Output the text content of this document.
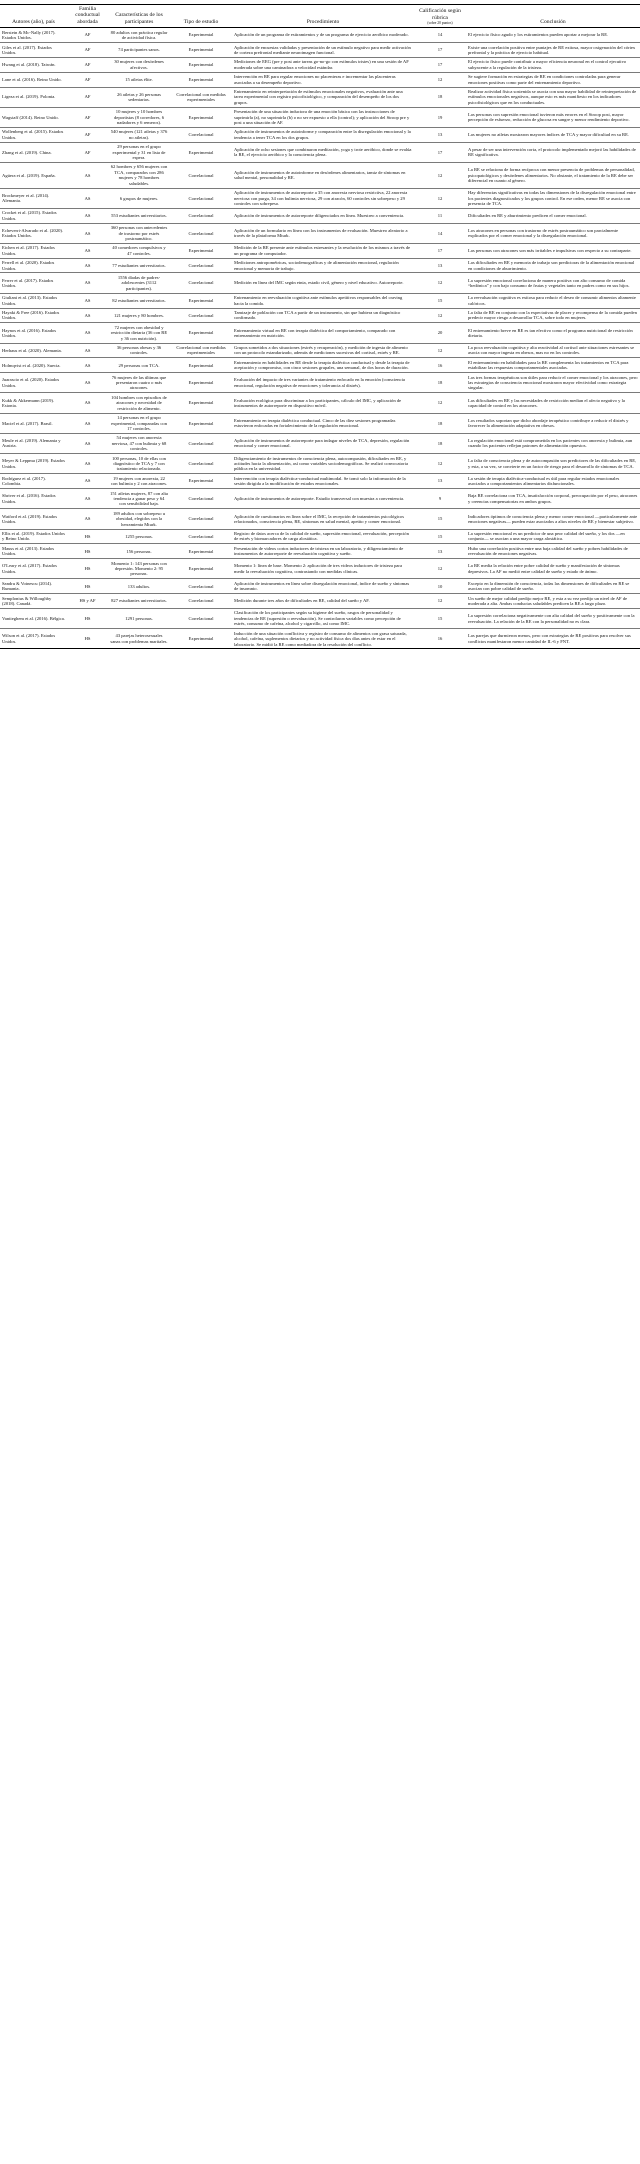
Autores (año), país	Familia conductual abordada	Características de los participantes	Tipo de estudio	Procedimiento	Calificación según rúbrica
(sobre 20 puntos)	Conclusión
Berstein & Mc-Nally (2017). Estados Unidos.	AF	80 adultos con práctica regular de actividad física.	Experimental	Aplicación de un programa de estiramientos y de un programa de ejercicio aeróbico moderado.	14	El ejercicio físico agudo y los estiramientos pueden aportar a mejorar la RE.
Giles et al. (2017). Estados Unidos.	AF	74 participantes sanos.	Experimental	Aplicación de encuestas validadas y presentación de un estímulo negativo para medir activación de corteza prefrontal mediante neuroimagen funcional.	17	Existe una correlación positiva entre puntajes de RE exitosa, mayor oxigenación del córtex prefrontal y la práctica de ejercicio habitual.
Hwang et al. (2018). Taiwán.	AF	30 mujeres con desórdenes afectivos.	Experimental	Mediciones de EEG (pre y post ante tareas go-no-go con estímulos tristes) en una sesión de AF moderada sobre una caminadora a velocidad estándar.	17	El ejercicio físico puede contribuir a mayor eficiencia neuronal en el control ejecutivo subyacente a la regulación de la tristeza.
Lane et al. (2016). Reino Unido.	AF	15 atletas élite.	Experimental	Intervención en RE para regular emociones no placenteras e incrementar las placenteras asociadas a su desempeño deportivo.	12	Se sugiere formación en estrategias de RE en condiciones controladas para generar emociones positivas como parte del entrenamiento deportivo.
Ligeza et al. (2019). Polonia.	AF	26 atletas y 26 personas sedentarias.	Correlacional con medidas experimentales	Entrenamiento en reinterpretación de estímulos emocionales negativos, evaluación ante una tarea experimental con registro psicofisiológico, y comparación del desempeño de los dos grupos.	18	Realizar actividad física sostenida se asocia con una mayor habilidad de reinterpretación de estímulos emocionales negativos, aunque esto es más manifiesto en los indicadores psicofisiológicos que en los conductuales.
Wagstaff (2014). Reino Unido.	AF	10 mujeres y 10 hombres deportistas (8 corredores, 6 nadadores y 6 remeros).	Experimental	Presentación de una situación inductora de una emoción básica con las instrucciones de suprimirla (a), no suprimirla (b) o no ser expuesto a ella (control); y aplicación del Stroop pre y post a una situación de AF.	19	Las personas con supresión emocional tuvieron más errores en el Stroop post, mayor percepción de esfuerzo, reducción de glucosa en sangre y menor rendimiento deportivo.
Wollenberg et al. (2015). Estados Unidos.	AF	540 mujeres (121 atletas y 376 no atletas).	Correlacional	Aplicación de instrumentos de autoinforme y comparación entre la disregulación emocional y la tendencia a tener TCA en los dos grupos.	13	Las mujeres no atletas mostraron mayores índices de TCA y mayor dificultad en su RE.
Zhang et al. (2019). China.	AF	29 personas en el grupo experimental y 31 en lista de espera.	Experimental	Aplicación de ocho sesiones que combinaron meditación, yoga y trote aeróbico, donde se evalúa la RE, el ejercicio aeróbico y la consciencia plena.	17	A pesar de ser una intervención corta, el protocolo implementado mejoró las habilidades de RE significativa.
Agüera et al. (2019). España.	AS	62 hombres y 656 mujeres con TCA, comparados con 286 mujeres y 78 hombres saludables.	Correlacional	Aplicación de instrumentos de autoinforme en desórdenes alimentarios, tamiz de síntomas en salud mental, personalidad y RE.	12	La RE se relaciona de forma recíproca con menor presencia de problemas de personalidad, psicopatológicos y desórdenes alimentarios. No obstante, el tratamiento de la RE debe ser diferencial en cuanto al género.
Brockmeyer et al. (2014). Alemania.	AS	6 grupos de mujeres.	Correlacional	Aplicación de instrumentos de autorreporte a 35 con anorexia nerviosa restrictiva, 22 anorexia nerviosa con purga, 34 con bulimia nerviosa, 29 con atracón, 60 controles sin sobrepeso y 29 controles con sobrepeso.	12	Hay diferencias significativas en todas las dimensiones de la disregulación emocional entre los pacientes diagnosticados y los grupos control. En ese orden, menor RE se asocia con presencia de TCA.
Crocket et al. (2015). Estados Unidos.	AS	553 estudiantes universitarios.	Correlacional	Aplicación de instrumentos de autorreporte diligenciados en línea. Muestreo a conveniencia.	11	Dificultades en RE y aburrimiento predicen el comer emocional.
Echeverri-Alvarado et al. (2020). Estados Unidos.	AS	360 personas con antecedentes de trastorno por estrés postraumático.	Correlacional	Aplicación de un formulario en línea con los instrumentos de evaluación. Muestreo aleatorio a través de la plataforma Mturk.	14	Los atracones en personas con trastorno de estrés postraumático son parcialmente explicados por el comer emocional y la disregulación emocional.
Eichen et al. (2017). Estados Unidos.	AS	40 comedores compulsivos y 47 controles.	Experimental	Medición de la RE presente ante estímulos estresantes y la resolución de los mismos a través de un programa de computador.	17	Las personas con atracones son más irritables e impulsivas con respecto a su contraparte.
Ferrell et al. (2020). Estados Unidos.	AS	77 estudiantes universitarios.	Correlacional	Mediciones antropométricas, sociodemográficas y de alimentación emocional, regulación emocional y memoria de trabajo.	13	Las dificultades en RE y memoria de trabajo son predictoras de la alimentación emocional en condiciones de aburrimiento.
Ferrer et al. (2017). Estados Unidos.	AS	1556 díadas de padres-adolescentes (3112 participantes).	Correlacional	Medición en línea del IMC según etnia, estado civil, género y nivel educativo. Autorreporte.	12	La supresión emocional correlaciona de manera positiva con alto consumo de comida “hedónica” y con bajo consumo de frutas y vegetales tanto en padres como en sus hijos.
Giuliani et al. (2013). Estados Unidos.	AS	82 estudiantes universitarios.	Experimental	Entrenamiento en reevaluación cognitiva ante estímulos apetitivos responsables del craving hacia la comida.	15	La reevaluación cognitiva es exitosa para reducir el deseo de consumir alimentos altamente calóricos.
Hayaki & Free (2016). Estados Unidos.	AS	121 mujeres y 80 hombres.	Correlacional	Tamizaje de población con TCA a partir de un instrumento, sin que hubiera un diagnóstico confirmado.	12	La falta de RE en conjunto con la expectativas de placer y recompensa de la comida pueden predecir mayor riesgo a desarrollar TCA, sobre todo en mujeres.
Haynos et al. (2016). Estados Unidos.	AS	72 mujeres con obesidad y restricción dietaria (36 con RE y 36 con nutrición).	Experimental	Entrenamiento virtual en RE con terapia dialéctica del comportamiento, comparado con entrenamiento en nutrición.	20	El entrenamiento breve en RE es tan efectivo como el programa nutricional de restricción dietaria.
Herhaus et al. (2020). Alemania.	AS	36 personas obesas y 36 controles.	Correlacional con medidas experimentales	Grupos sometidos a dos situaciones (estrés y recuperación), y medición de ingesta de alimento con un protocolo estandarizado, además de mediciones sucesivas del cortisol, estrés y RE.	12	La poca reevaluación cognitiva y alta reactividad al cortisol ante situaciones estresantes se asocia con mayor ingesta en obesos, mas no en los controles.
Holmqvist et al. (2020). Suecia.	AS	29 personas con TCA.	Experimental	Entrenamiento en habilidades en RE desde la terapia dialéctica conductual y desde la terapia de aceptación y compromiso, con cinco sesiones grupales, una semanal, de dos horas de duración.	16	El entrenamiento en habilidades para la RE complementa los tratamientos en TCA para estabilizar las respuestas comportamentales asociadas.
Juarascio et al. (2020). Estados Unidos.	AS	76 mujeres de las últimas que presentaron cuatro o más atracones.	Experimental	Evaluación del impacto de tres variantes de tratamiento enfocado en la emoción (consciencia emocional, regulación negativa de emociones y tolerancia al distrés).	18	Las tres formas terapéuticas son útiles para reducir el comer emocional y los atracones, pero las estrategias de consciencia emocional mostraron mayor efectividad como estrategia singular.
Kukk & Akkermann (2019). Estonia.	AS	104 hombres con episodios de atracones y necesidad de restricción de alimento.	Experimental	Evaluación ecológica para discriminar a los participantes, cálculo del IMC, y aplicación de instrumentos de autorreporte en dispositivo móvil.	12	Las dificultades en RE y las necesidades de restricción median el afecto negativo y la capacidad de control en los atracones.
Maciel et al. (2017). Brasil.	AS	14 personas en el grupo experimental, comparadas con 17 controles.	Experimental	Entrenamiento en terapia dialéctica conductual. Cinco de las diez sesiones programadas estuvieron enfocadas en fortalecimiento de la regulación emocional.	18	Los resultados soportan que dicho abordaje terapéutico contribuye a reducir el distrés y favorecer la alimentación adaptativa en obesos.
Meule et al. (2019). Alemania y Austria.	AS	54 mujeres con anorexia nerviosa, 47 con bulimia y 68 controles.	Correlacional	Aplicación de instrumentos de autorreporte para indagar niveles de TCA, depresión, regulación emocional y comer emocional.	18	La regulación emocional está comprometida en los pacientes con anorexia y bulimia, aun cuando los pacientes reflejan patrones de alimentación opuestos.
Meyer & Leppma (2019). Estados Unidos.	AS	100 personas, 10 de ellas con diagnóstico de TCA y 7 con tratamiento relacionado.	Correlacional	Diligenciamiento de instrumentos de consciencia plena, autocompasión, dificultades en RE, y actitudes hacia la alimentación, así como variables sociodemográficas. Se realizó convocatoria pública en la universidad.	12	La falta de consciencia plena y de autocompasión son predictores de las dificultades en RE, y esta, a su vez, se convierte en un factor de riesgo para el desarrollo de síntomas de TCA.
Rodríguez et al. (2017). Colombia.	AS	19 mujeres con anorexia, 22 con bulimia y 2 con atracones.	Experimental	Intervención con terapia dialéctica-conductual multimodal. Se tomó solo la información de la sesión dirigida a la modificación de estados emocionales.	13	La sesión de terapia dialéctica-conductual es útil para regular estados emocionales asociados a comportamientos alimentarios disfuncionales.
Shriver et al. (2016). Estados Unidos.	AS	151 atletas mujeres, 87 con alta tendencia a ganar peso y 64 con sensibilidad baja.	Correlacional	Aplicación de instrumentos de autorreporte. Estudio transversal con muestra a conveniencia.	9	Baja RE correlaciona con TCA, insatisfacción corporal, preocupación por el peso, atracones y creencias compensatorias en ambos grupos.
Watford et al. (2019). Estados Unidos.	AS	189 adultos con sobrepeso u obesidad, elegidos con la herramienta Mturk.	Correlacional	Aplicación de cuestionarios en línea sobre el IMC, la recepción de tratamientos psicológicos relacionados, consciencia plena, RE, síntomas en salud mental, apetito y comer emocional.	15	Indicadores óptimos de consciencia plena y menor comer emocional —particularmente ante emociones negativas— pueden estar asociados a altos niveles de RE y bienestar subjetivo.
Ellis et al. (2019). Estados Unidos y Reino Unido.	HS	1255 personas.	Correlacional	Registro de datos acerca de la calidad de sueño, supresión emocional, reevaluación, percepción de estrés y biomarcadores de carga alostática.	15	La supresión emocional es un predictor de una peor calidad del sueño, y los dos —en conjunto— se asocian a una mayor carga alostática.
Mauss et al. (2013). Estados Unidos.	HS	156 personas.	Experimental	Presentación de videos cortos inductores de tristeza en un laboratorio, y diligenciamiento de instrumentos de autorreporte de reevaluación cognitiva y sueño.	13	Hubo una correlación positiva entre una baja calidad del sueño y pobres habilidades de reevaluación de emociones negativas.
O'Leary et al. (2017). Estados Unidos.	HS	Momento 1: 143 personas con depresión. Momento 2: 95 personas.	Experimental	Momento 1: línea de base. Momento 2: aplicación de tres videos inductores de tristeza para medir la reevaluación cognitiva, contrastando con medidas clínicas.	12	La RE media la relación entre pobre calidad de sueño y manifestación de síntomas depresivos. La AF no medió entre calidad de sueño y estado de ánimo.
Sandru & Voinescu (2014). Rumania.	HS	133 adultos.	Correlacional	Aplicación de instrumentos en línea sobre disregulación emocional, índice de sueño y síntomas de insomnio.	10	Excepto en la dimensión de consciencia, todas las dimensiones de dificultades en RE se asocian con pobre calidad de sueño.
Semplonius & Willoughby (2018). Canadá.	HS y AF	827 estudiantes universitarios.	Correlacional	Medición durante tres años de dificultades en RE, calidad del sueño y AF.	12	Un sueño de mejor calidad predijo mejor RE, y esta a su vez predijo un nivel de AF de moderada a alta. Ambas conductas saludables predicen la RE a largo plazo.
Vantieghem et al. (2016). Bélgica.	HS	1291 personas.	Correlacional	Clasificación de los participantes según su higiene del sueño, rasgos de personalidad y tendencias de RE (supresión o reevaluación). Se controlaron variables como percepción de estrés, consumo de cafeína, alcohol y cigarrillo, así como IMC.	15	La supresión correlaciona negativamente con alta calidad del sueño y positivamente con la reevaluación. La relación de la RE con la personalidad no es clara.
Wilson et al. (2017). Estados Unidos.	HS	43 parejas heterosexuales sanas con problemas maritales.	Experimental	Inducción de una situación conflictiva y registro de consumo de alimentos con grasa saturada, alcohol, cafeína, suplementos dietarios y no actividad física dos días antes de estar en el laboratorio. Se midió la RE como mediadora de la resolución del conflicto.	16	Las parejas que durmieron menos, pero con estrategias de RE positivas para resolver sus conflictos manifestaron menor cantidad de IL-6 y FNT.
